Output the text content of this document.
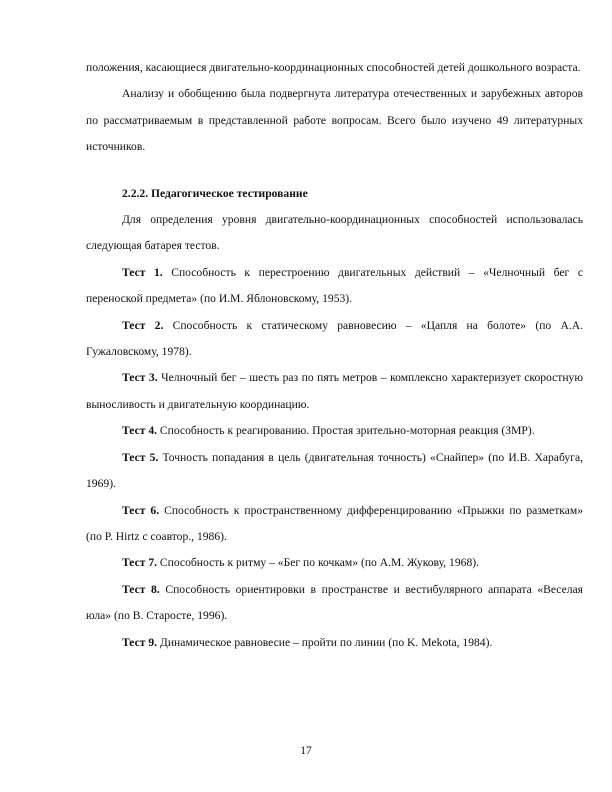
положения, касающиеся двигательно-координационных способностей детей дошкольного возраста.

Анализу и обобщению была подвергнута литература отечественных и зарубежных авторов по рассматриваемым в представленной работе вопросам. Всего было изучено 49 литературных источников.

2.2.2. Педагогическое тестирование

Для определения уровня двигательно-координационных способностей использовалась следующая батарея тестов.

Тест 1. Способность к перестроению двигательных действий – «Челночный бег с переноской предмета» (по И.М. Яблоновскому, 1953).

Тест 2. Способность к статическому равновесию – «Цапля на болоте» (по А.А. Гужаловскому, 1978).

Тест 3. Челночный бег – шесть раз по пять метров – комплексно характеризует скоростную выносливость и двигательную координацию.

Тест 4. Способность к реагированию. Простая зрительно-моторная реакция (ЗМР).

Тест 5. Точность попадания в цель (двигательная точность) «Снайпер» (по И.В. Харабуга, 1969).

Тест 6. Способность к пространственному дифференцированию «Прыжки по разметкам» (по P. Hirtz с соавтор., 1986).

Тест 7. Способность к ритму – «Бег по кочкам» (по А.М. Жукову, 1968).

Тест 8. Способность ориентировки в пространстве и вестибулярного аппарата «Веселая юла» (по В. Старосте, 1996).

Тест 9. Динамическое равновесие – пройти по линии (по K. Mekota, 1984).

17
